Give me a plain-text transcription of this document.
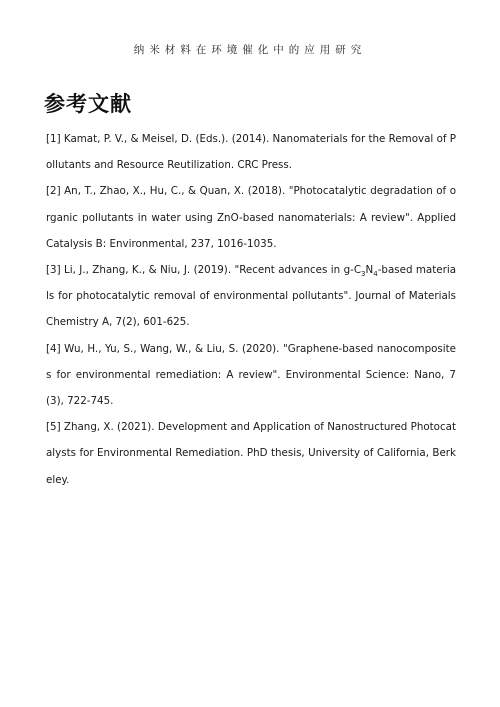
纳米材料在环境催化中的应用研究
参考文献
[1] Kamat, P. V., & Meisel, D. (Eds.). (2014). Nanomaterials for the Removal of Pollutants and Resource Reutilization. CRC Press.
[2] An, T., Zhao, X., Hu, C., & Quan, X. (2018). "Photocatalytic degradation of organic pollutants in water using ZnO-based nanomaterials: A review". Applied Catalysis B: Environmental, 237, 1016-1035.
[3] Li, J., Zhang, K., & Niu, J. (2019). "Recent advances in $g-C_3N_4$-based materials for photocatalytic removal of environmental pollutants". Journal of Materials Chemistry A, 7(2), 601-625.
[4] Wu, H., Yu, S., Wang, W., & Liu, S. (2020). "Graphene-based nanocomposites for environmental remediation: A review". Environmental Science: Nano, 7(3), 722-745.
[5] Zhang, X. (2021). Development and Application of Nanostructured Photocatalysts for Environmental Remediation. PhD thesis, University of California, Berkeley.
